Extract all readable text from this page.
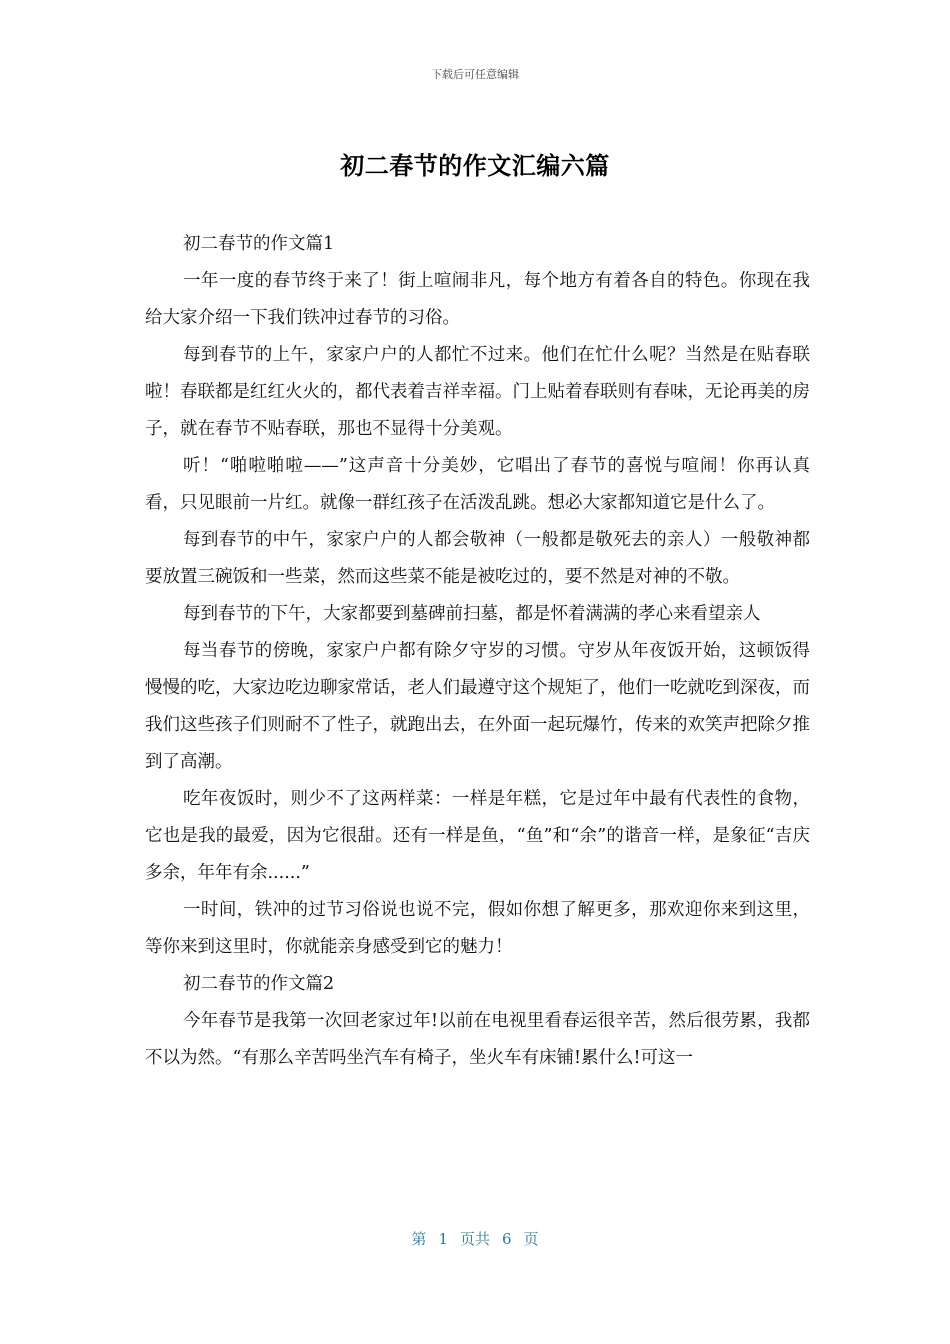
下载后可任意编辑
初二春节的作文汇编六篇

初二春节的作文篇1

一年一度的春节终于来了！街上喧闹非凡，每个地方有着各自的特色。你现在我给大家介绍一下我们铁冲过春节的习俗。

每到春节的上午，家家户户的人都忙不过来。他们在忙什么呢？当然是在贴春联啦！春联都是红红火火的，都代表着吉祥幸福。门上贴着春联则有春味，无论再美的房子，就在春节不贴春联，那也不显得十分美观。

听！“啪啦啪啦——”这声音十分美妙，它唱出了春节的喜悦与喧闹！你再认真看，只见眼前一片红。就像一群红孩子在活泼乱跳。想必大家都知道它是什么了。

每到春节的中午，家家户户的人都会敬神（一般都是敬死去的亲人）一般敬神都要放置三碗饭和一些菜，然而这些菜不能是被吃过的，要不然是对神的不敬。

每到春节的下午，大家都要到墓碑前扫墓，都是怀着满满的孝心来看望亲人

每当春节的傍晚，家家户户都有除夕守岁的习惯。守岁从年夜饭开始，这顿饭得慢慢的吃，大家边吃边聊家常话，老人们最遵守这个规矩了，他们一吃就吃到深夜，而我们这些孩子们则耐不了性子，就跑出去，在外面一起玩爆竹，传来的欢笑声把除夕推到了高潮。

吃年夜饭时，则少不了这两样菜：一样是年糕，它是过年中最有代表性的食物，它也是我的最爱，因为它很甜。还有一样是鱼，“鱼”和“余”的谐音一样，是象征“吉庆多余，年年有余......”

一时间，铁冲的过节习俗说也说不完，假如你想了解更多，那欢迎你来到这里，等你来到这里时，你就能亲身感受到它的魅力！

初二春节的作文篇2

今年春节是我第一次回老家过年!以前在电视里看春运很辛苦，然后很劳累，我都不以为然。“有那么辛苦吗坐汽车有椅子，坐火车有床铺!累什么!可这一

第 1 页共 6 页
